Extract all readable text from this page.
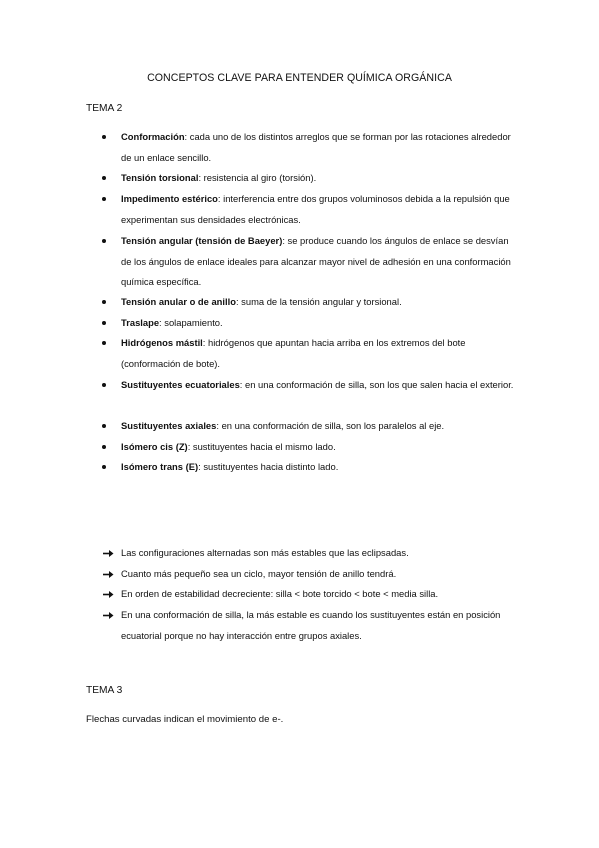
CONCEPTOS CLAVE PARA ENTENDER QUÍMICA ORGÁNICA
TEMA 2
Conformación: cada uno de los distintos arreglos que se forman por las rotaciones alrededor de un enlace sencillo.
Tensión torsional: resistencia al giro (torsión).
Impedimento estérico: interferencia entre dos grupos voluminosos debida a la repulsión que experimentan sus densidades electrónicas.
Tensión angular (tensión de Baeyer): se produce cuando los ángulos de enlace se desvían de los ángulos de enlace ideales para alcanzar mayor nivel de adhesión en una conformación química específica.
Tensión anular o de anillo: suma de la tensión angular y torsional.
Traslape: solapamiento.
Hidrógenos mástil: hidrógenos que apuntan hacia arriba en los extremos del bote (conformación de bote).
Sustituyentes ecuatoriales: en una conformación de silla, son los que salen hacia el exterior.
Sustituyentes axiales: en una conformación de silla, son los paralelos al eje.
Isómero cis (Z): sustituyentes hacia el mismo lado.
Isómero trans (E): sustituyentes hacia distinto lado.
Las configuraciones alternadas son más estables que las eclipsadas.
Cuanto más pequeño sea un ciclo, mayor tensión de anillo tendrá.
En orden de estabilidad decreciente: silla < bote torcido < bote < media silla.
En una conformación de silla, la más estable es cuando los sustituyentes están en posición ecuatorial porque no hay interacción entre grupos axiales.
TEMA 3
Flechas curvadas indican el movimiento de e-.
